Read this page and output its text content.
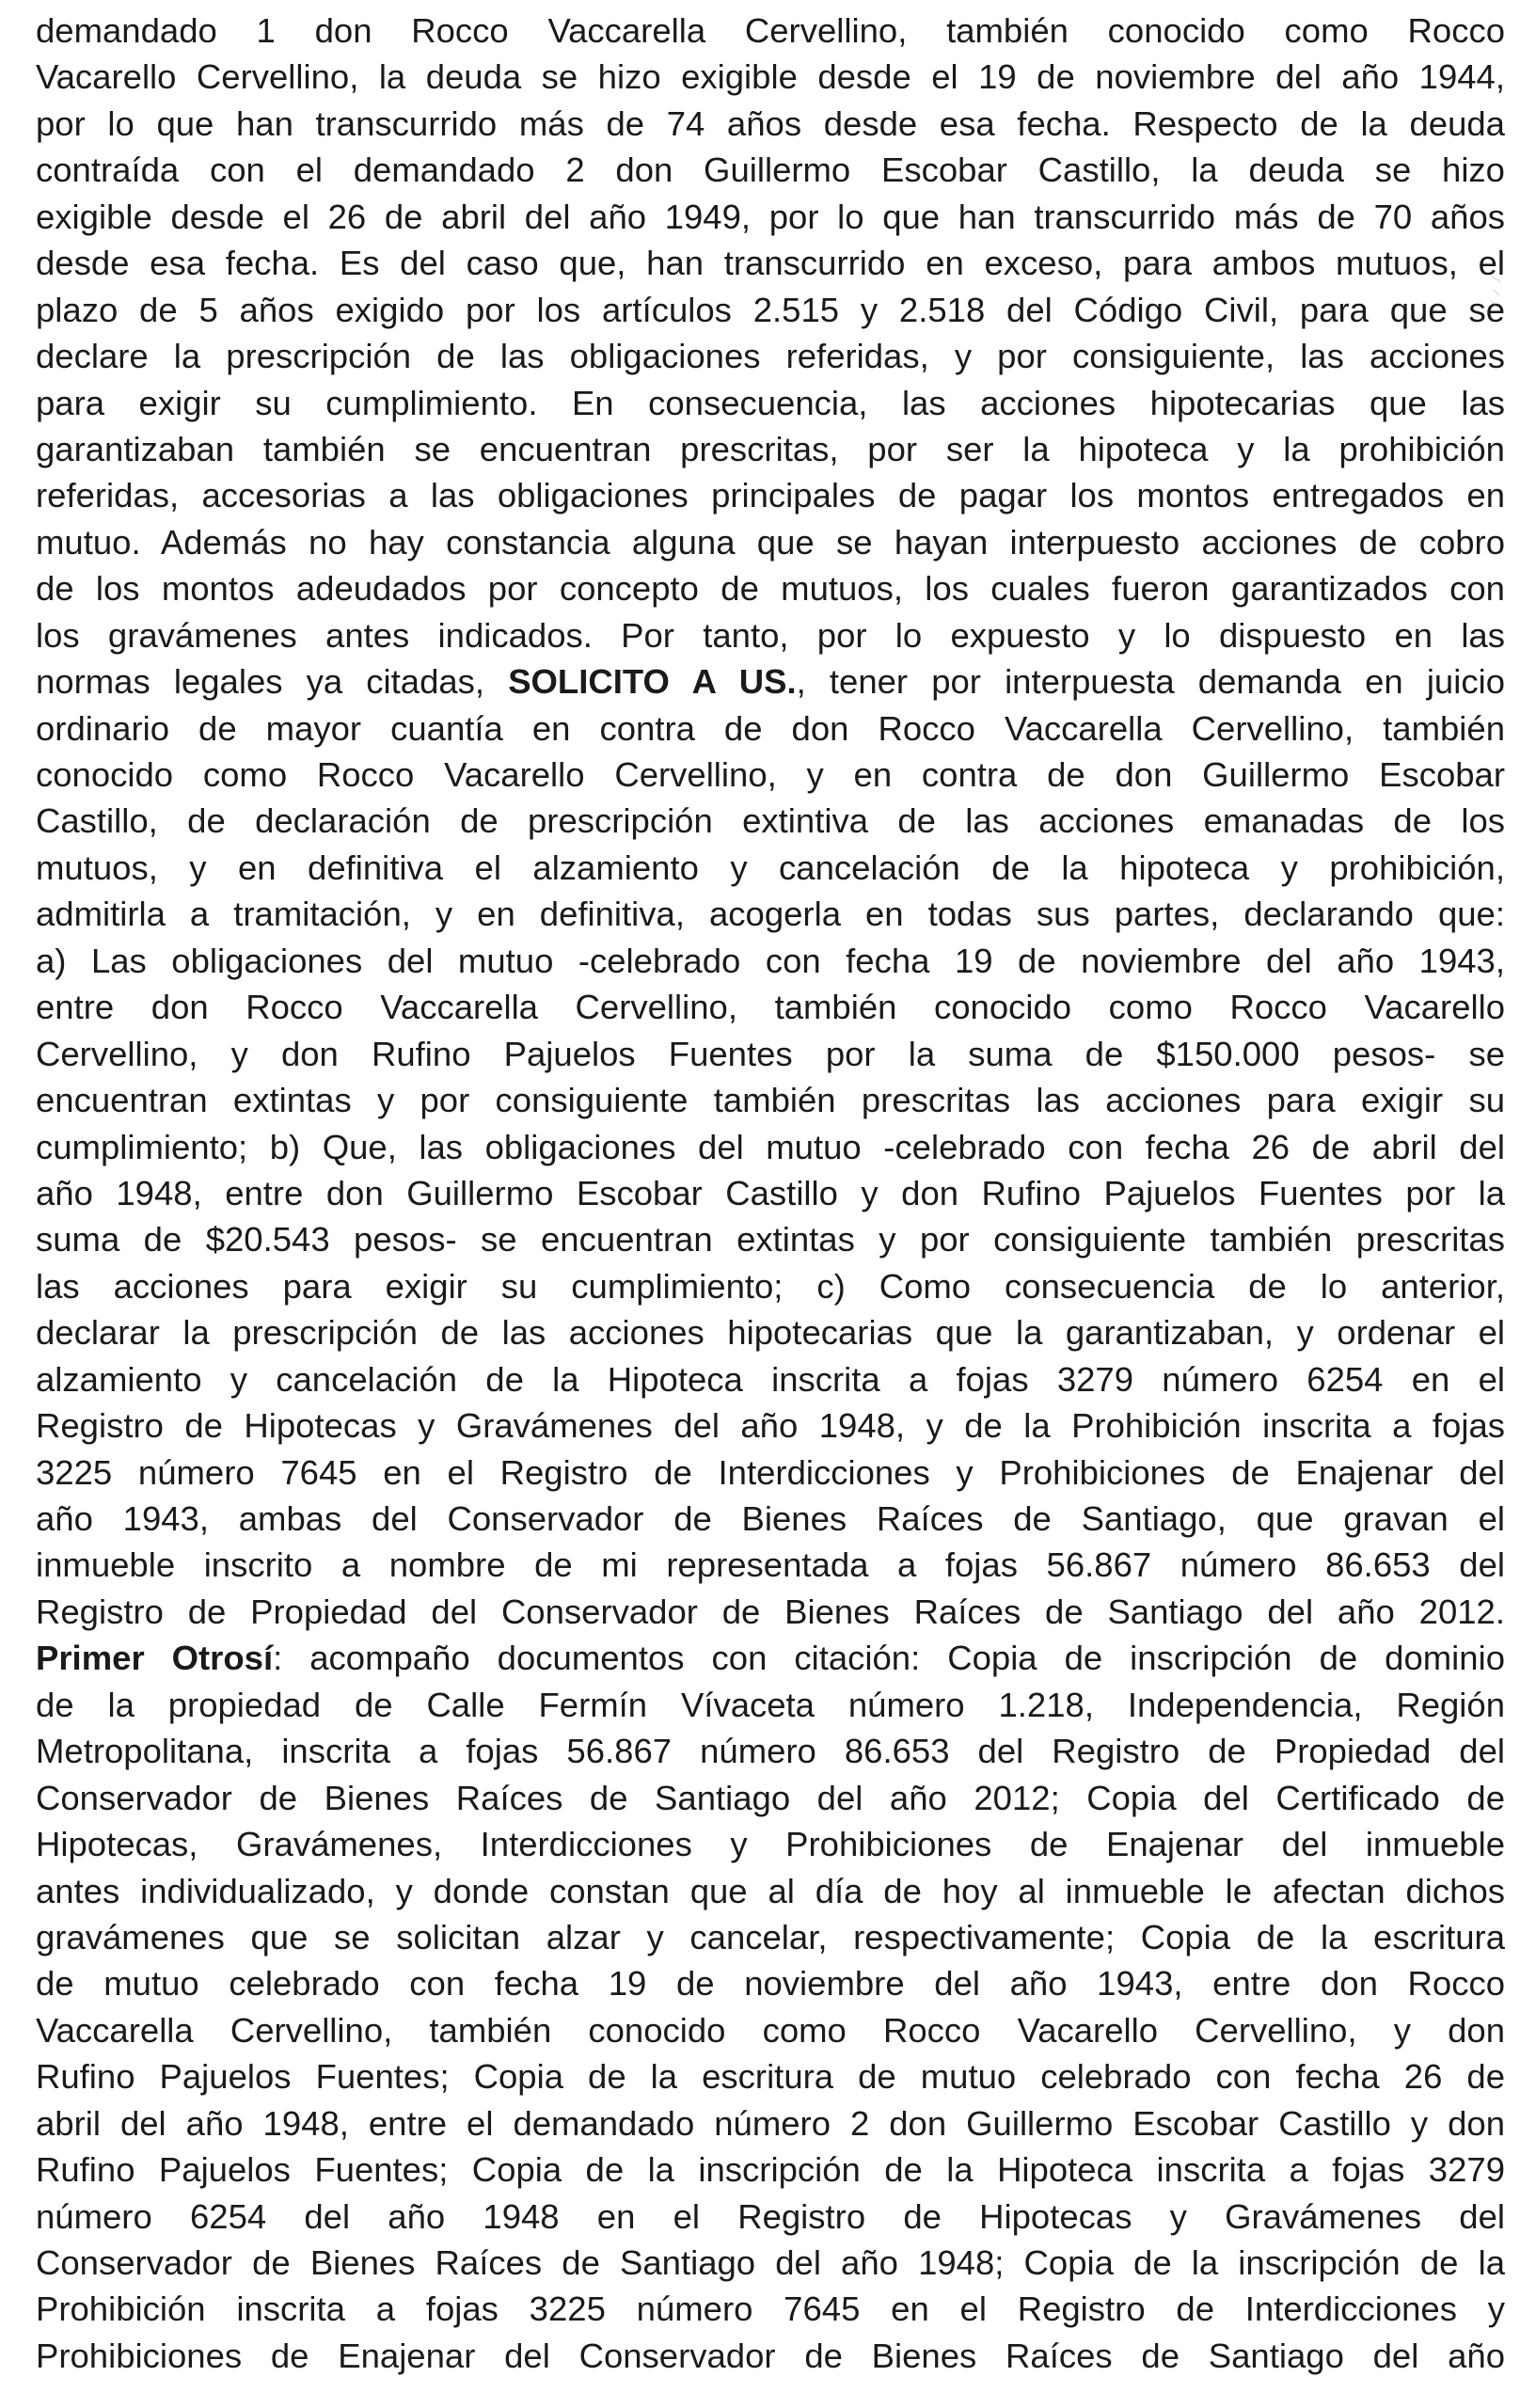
demandado 1 don Rocco Vaccarella Cervellino, también conocido como Rocco
Vacarello Cervellino, la deuda se hizo exigible desde el 19 de noviembre del año 1944,
por lo que han transcurrido más de 74 años desde esa fecha. Respecto de la deuda
contraída con el demandado 2 don Guillermo Escobar Castillo, la deuda se hizo
exigible desde el 26 de abril del año 1949, por lo que han transcurrido más de 70 años
desde esa fecha. Es del caso que, han transcurrido en exceso, para ambos mutuos, el
plazo de 5 años exigido por los artículos 2.515 y 2.518 del Código Civil, para que se
declare la prescripción de las obligaciones referidas, y por consiguiente, las acciones
para exigir su cumplimiento. En consecuencia, las acciones hipotecarias que las
garantizaban también se encuentran prescritas, por ser la hipoteca y la prohibición
referidas, accesorias a las obligaciones principales de pagar los montos entregados en
mutuo. Además no hay constancia alguna que se hayan interpuesto acciones de cobro
de los montos adeudados por concepto de mutuos, los cuales fueron garantizados con
los gravámenes antes indicados. Por tanto, por lo expuesto y lo dispuesto en las
normas legales ya citadas, SOLICITO A US., tener por interpuesta demanda en juicio
ordinario de mayor cuantía en contra de don Rocco Vaccarella Cervellino, también
conocido como Rocco Vacarello Cervellino, y en contra de don Guillermo Escobar
Castillo, de declaración de prescripción extintiva de las acciones emanadas de los
mutuos, y en definitiva el alzamiento y cancelación de la hipoteca y prohibición,
admitirla a tramitación, y en definitiva, acogerla en todas sus partes, declarando que:
a) Las obligaciones del mutuo -celebrado con fecha 19 de noviembre del año 1943,
entre don Rocco Vaccarella Cervellino, también conocido como Rocco Vacarello
Cervellino, y don Rufino Pajuelos Fuentes por la suma de $150.000 pesos- se
encuentran extintas y por consiguiente también prescritas las acciones para exigir su
cumplimiento; b) Que, las obligaciones del mutuo -celebrado con fecha 26 de abril del
año 1948, entre don Guillermo Escobar Castillo y don Rufino Pajuelos Fuentes por la
suma de $20.543 pesos- se encuentran extintas y por consiguiente también prescritas
las acciones para exigir su cumplimiento; c) Como consecuencia de lo anterior,
declarar la prescripción de las acciones hipotecarias que la garantizaban, y ordenar el
alzamiento y cancelación de la Hipoteca inscrita a fojas 3279 número 6254 en el
Registro de Hipotecas y Gravámenes del año 1948, y de la Prohibición inscrita a fojas
3225 número 7645 en el Registro de Interdicciones y Prohibiciones de Enajenar del
año 1943, ambas del Conservador de Bienes Raíces de Santiago, que gravan el
inmueble inscrito a nombre de mi representada a fojas 56.867 número 86.653 del
Registro de Propiedad del Conservador de Bienes Raíces de Santiago del año 2012.
Primer Otrosí: acompaño documentos con citación: Copia de inscripción de dominio
de la propiedad de Calle Fermín Vívaceta número 1.218, Independencia, Región
Metropolitana, inscrita a fojas 56.867 número 86.653 del Registro de Propiedad del
Conservador de Bienes Raíces de Santiago del año 2012; Copia del Certificado de
Hipotecas, Gravámenes, Interdicciones y Prohibiciones de Enajenar del inmueble
antes individualizado, y donde constan que al día de hoy al inmueble le afectan dichos
gravámenes que se solicitan alzar y cancelar, respectivamente; Copia de la escritura
de mutuo celebrado con fecha 19 de noviembre del año 1943, entre don Rocco
Vaccarella Cervellino, también conocido como Rocco Vacarello Cervellino, y don
Rufino Pajuelos Fuentes; Copia de la escritura de mutuo celebrado con fecha 26 de
abril del año 1948, entre el demandado número 2 don Guillermo Escobar Castillo y don
Rufino Pajuelos Fuentes; Copia de la inscripción de la Hipoteca inscrita a fojas 3279
número 6254 del año 1948 en el Registro de Hipotecas y Gravámenes del
Conservador de Bienes Raíces de Santiago del año 1948; Copia de la inscripción de la
Prohibición inscrita a fojas 3225 número 7645 en el Registro de Interdicciones y
Prohibiciones de Enajenar del Conservador de Bienes Raíces de Santiago del año
